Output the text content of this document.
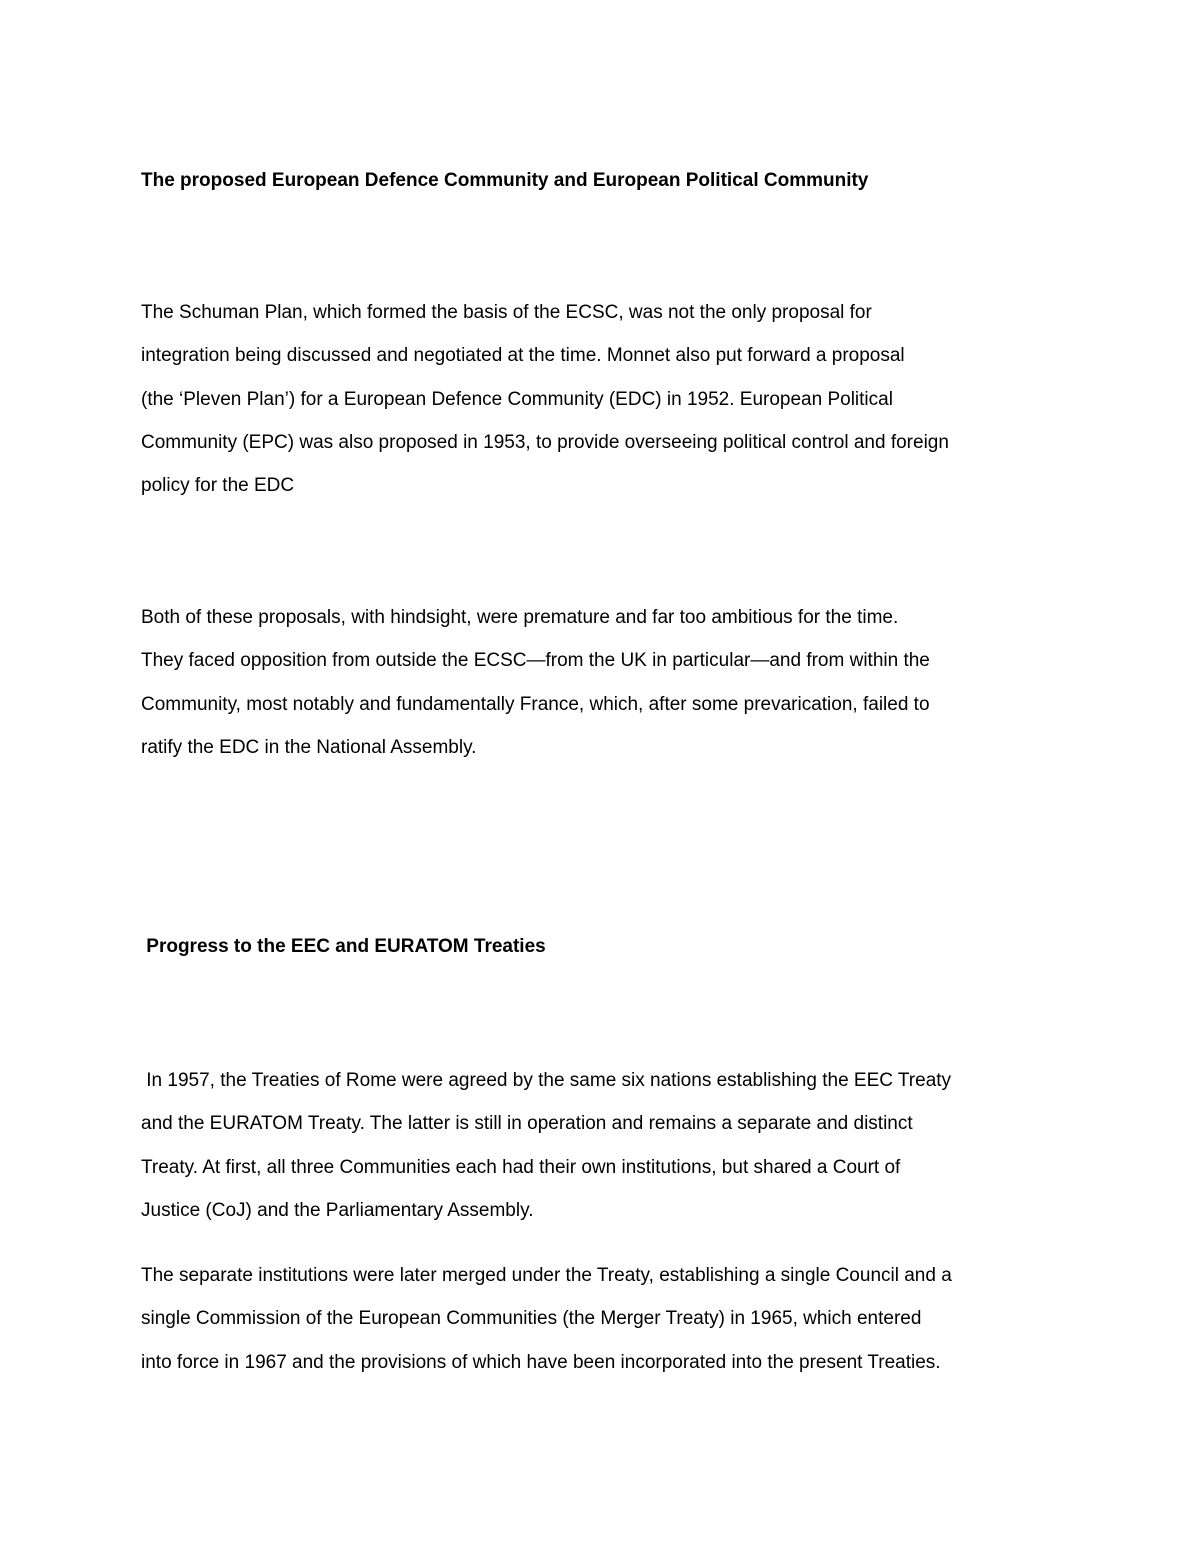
The proposed European Defence Community and European Political Community
The Schuman Plan, which formed the basis of the ECSC, was not the only proposal for
integration being discussed and negotiated at the time. Monnet also put forward a proposal
(the ‘Pleven Plan’) for a European Defence Community (EDC) in 1952. European Political
Community (EPC) was also proposed in 1953, to provide overseeing political control and foreign
policy for the EDC
Both of these proposals, with hindsight, were premature and far too ambitious for the time.
They faced opposition from outside the ECSC—from the UK in particular—and from within the
Community, most notably and fundamentally France, which, after some prevarication, failed to
ratify the EDC in the National Assembly.
Progress to the EEC and EURATOM Treaties
In 1957, the Treaties of Rome were agreed by the same six nations establishing the EEC Treaty
and the EURATOM Treaty. The latter is still in operation and remains a separate and distinct
Treaty. At first, all three Communities each had their own institutions, but shared a Court of
Justice (CoJ) and the Parliamentary Assembly.
The separate institutions were later merged under the Treaty, establishing a single Council and a
single Commission of the European Communities (the Merger Treaty) in 1965, which entered
into force in 1967 and the provisions of which have been incorporated into the present Treaties.
